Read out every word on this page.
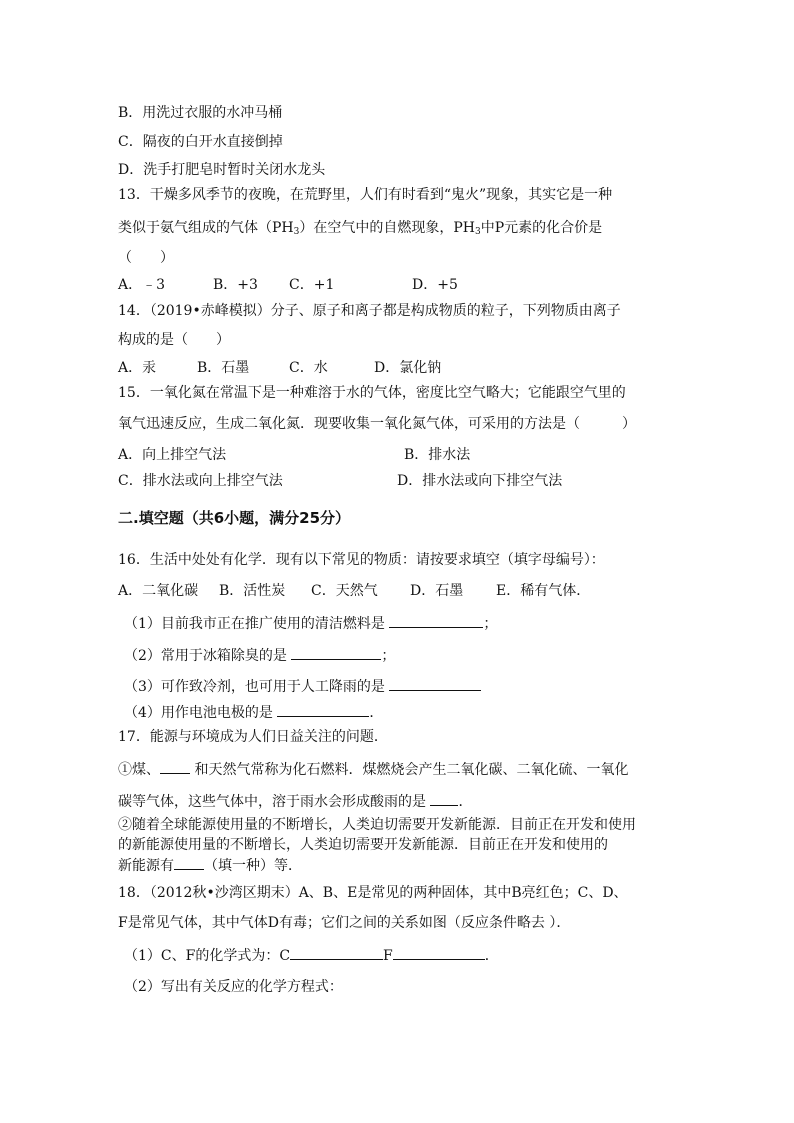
B．用洗过衣服的水冲马桶
C．隔夜的白开水直接倒掉
D．洗手打肥皂时暂时关闭水龙头
13．干燥多风季节的夜晚，在荒野里，人们有时看到“鬼火”现象，其实它是一种
类似于氨气组成的气体$(PH_3)$在空气中的自燃现象，$PH_3$中P元素的化合价是
（　　）
A．﹣3	B．+3 C．+1	D．+5
14．（2019•赤峰模拟）分子、原子和离子都是构成物质的粒子，下列物质由离子
构成的是（　　）
A．汞	B．石墨	C．水	D．氯化钠
15．一氧化氮在常温下是一种难溶于水的气体，密度比空气略大；它能跟空气里的
氧气迅速反应，生成二氧化氮．现要收集一氧化氮气体，可采用的方法是（　　　）
A．向上排空气法	B．排水法
C．排水法或向上排空气法	D．排水法或向下排空气法
二.填空题（共6小题，满分25分）
16．生活中处处有化学．现有以下常见的物质：请按要求填空（填字母编号）：
A．二氧化碳 B．活性炭 C．天然气 D．石墨 E．稀有气体．
（1）目前我市正在推广使用的清洁燃料是	；
（2）常用于冰箱除臭的是	；
（3）可作致冷剂，也可用于人工降雨的是
（4）用作电池电极的是	．
17．能源与环境成为人们日益关注的问题．
①煤、 和天然气常称为化石燃料．煤燃烧会产生二氧化碳、二氧化硫、一氧化
碳等气体，这些气体中，溶于雨水会形成酸雨的是 ．
②随着全球能源使用量的不断增长，人类迫切需要开发新能源．目前正在开发和使用
的新能源使用量的不断增长，人类迫切需要开发新能源．目前正在开发和使用的
新能源有 （填一种）等．
18．（2012秋•沙湾区期末）A、B、E是常见的两种固体，其中B亮红色；C、D、
F是常见气体，其中气体D有毒；它们之间的关系如图（反应条件略去 ）．
（1）C、F的化学式为：C	F	．
（2）写出有关反应的化学方程式：
